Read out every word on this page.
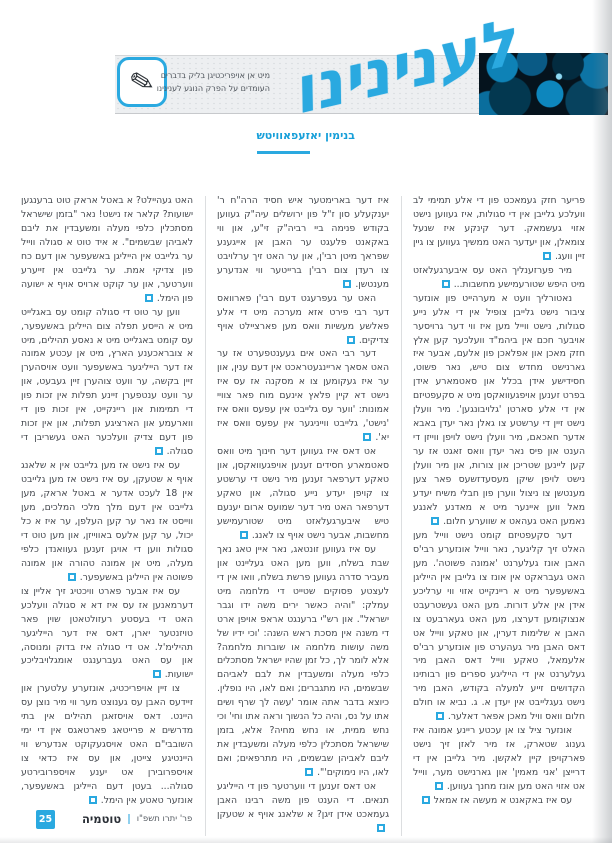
✎ מיט אן אויפריכטיגן בליק בדברים
העומדים על הפרק הנוגע לענינינו לענינינו
בנימין יאזעפאוויטש

פריער חזק געמאכט פון די אלע תמימי לב וועלכע גלייבן אין די סגולות, איז געווען נישט אזוי געשמאק. דער קינקע איז שנעל צומאלן, און יעדער האט ממשיך געווען צו גיין זיין וועג.

מיר פערזענליך האט עס איבערגעלאזט מיט היפש שטורעמישע מחשבות...

נאטורליך וועט א מערהייט פון אונזער ציבור נישט גלייבן צופיל אין די אלע נייע סגולות, נישט ווייל מען איז ווי דער גרויסער אויבער חכם אין ביהמ"ד וועלכער קען אלץ חזק מאכן און אפלאכן פון אלעם, אבער איז גארנישט מחדש צום טיש, נאר פשוט, חסידישע אידן בכלל און סאטמארע אידן בפרט זענען אויפגעוואקסן מיט א סקעפטיזם אין די אלע סארטן 'גלויבונגען'. מיר וועלן נישט זיין די ערשטע צו גאלן נאר יעדן באבא אדער חאכאם, מיר וועלן נישט לויפן ווייזן די הענט און פיס נאר יעדן וואס זאגט אז ער קען ליינען שטריכן און צורות, און מיר וועלן נישט לויפן שיקן מעסעדזשעס פאר צען מענטשן צו ניצול ווערן פון חבלי משיח יעדע מאל ווען איינער מיט א מאדנע לאנגע נאמען האט געהאט א שווערע חלום.

דער סקעפטיזם קומט נישט ווייל מען האלט זיך קליגער, נאר ווייל אונזערע רבי'ס האבן אונז געלערנט 'אמונה פשוטה'. מען האט געבראקט אין אונז צו גלייבן אין הייליגן באשעפער מיט א ריינקייט אזוי ווי ערליכע אידן אין אלע דורות. מען האט געשטרעבט אנצוקומען דערצו, מען האט געארבעט צו האבן א שלימות דערין, און טאקע ווייל אט דאס האבן מיר געהערט פון אונזערע רבי'ס אלעמאל, טאקע ווייל דאס האבן מיר געלערנט אין די הייליגע ספרים פון רבותינו הקדושים זייע למעלה בקודש, האבן מיר נישט געגלייבט אין יעדן א. ג. נביא או חולם חלום וואס וויל מאכן אפאר דאלער.

אונזער ציל צו אן עכטע ריינע אמונה איז גענוג שטארק, אז מיר לאזן זיך נישט פארקויפן קיין לאקשן. מיר גלייבן אין די דרייצן 'אני מאמין' און גארנישט מער, ווייל אט אזוי האט מען אונז מחנך געווען.

עס איז באקאנט א מעשה אז אמאל

איז דער בארימטער איש חסיד הרה"ח ר' יענקעלע סון ז"ל פון ירושלים עיה"ק געווען בקודש פנימה ביי רביה"ק זי"ע, און ווי באקאנט פלעגט ער האבן אן אייגענע שפראך מיטן רבי'ן, און ער האט זיך ערלויבט צו רעדן צום רבי'ן ברייטער ווי אנדערע מענטשן.

האט ער געפרעגט דעם רבי'ן פארוואס דער רבי פירט אזא מערכה מיט די אלע פאלשע מעשיות וואס מען פארציילט אויף צדיקים.

דער רבי האט אים געענטפערט אז ער האט אסאך אריינגעטראכט אין דעם ענין, און ער איז געקומען צו א מסקנה אז עס איז נישט דא קיין פלאץ אינעם מוח פאר צוויי אמונות: 'ווער עס גלייבט אין עפעס וואס איז 'נישט', גלייבט ווייניגער אין עפעס וואס איז יא'.

אט דאס איז געווען דער חינוך מיט וואס סאטמארע חסידים זענען אויפגעוואקסן, און טאקע דערפאר זענען מיר נישט די ערשטע צו קויפן יעדע נייע סגולה, און טאקע דערפאר האט מיר דער שמועס ארום יענעם טיש איבערגעלאזט מיט שטורעמישע מחשבות, אבער נישט אויף צו לאנג.

עס איז געווען זונטאג, נאר איין טאג נאך שבת בשלח, ווען מען האט געליינט און מעביר סדרה געווען פרשת בשלח, וואו אין די לעצטע פסוקים שטייט די מלחמה מיט עמלק: "והיה כאשר ירים משה ידו וגבר ישראל". און רש"י ברענגט אראפ אויפן ארט די משנה אין מסכת ראש השנה: 'וכי ידיו של משה עושות מלחמה או שוברות מלחמה? אלא לומר לך, כל זמן שהיו ישראל מסתכלים כלפי מעלה ומשעבדין את לבם לאביהם שבשמים, היו מתגברים; ואם לאו, היו נופלין. כיוצא בדבר אתה אומר 'עשה לך שרף ושים אתו על נס, והיה כל הנשוך וראה אתו וחי' וכי נחש ממית, או נחש מחיה? אלא, בזמן שישראל מסתכלין כלפי מעלה ומשעבדין את ליבם לאביהן שבשמים, היו מתרפאים; ואם לאו, היו נימוקים'".

אט דאס זענען די ווערטער פון די הייליגע תנאים. די הענט פון משה רבינו האבן געמאכט אידן זיגן? א שלאנג אויף א שטעקן

האט געהיילט? א באטל אראק טוט ברענגען ישועות? קלאר אז נישט! נאר "בזמן שישראל מסתכלין כלפי מעלה ומשעבדין את ליבם לאביהן שבשמים". א איד טוט א סגולה ווייל ער גלייבט אין הייליגן באשעפער און דעם כח פון צדיקי אמת. ער גלייבט אין זייערע ווערטער, און ער קוקט ארויס אויף א ישועה פון הימל.

ווען ער טוט די סגולה קומט עס באגלייט מיט א הייסע תפלה צום הייליגן באשעפער, עס קומט באגלייט מיט א נאסע תהילים, מיט א צובראכענע הארץ, מיט אן עכטע אמונה אז דער הייליגער באשעפער וועט אויסהערן זיין בקשה, ער וועט צוהערן זיין געבעט, און ער וועט ענטפערן זיינע תפלות אין זכות פון די תמימות און ריינקייט, אין זכות פון די ווארעמע און הארציגע תפלות, און אין זכות פון דעם צדיק וועלכער האט געשריבן די סגולה.

עס איז נישט אז מען גלייבט אין א שלאנג אויף א שטעקן, עס איז נישט אז מען גלייבט אין 18 לעכט אדער א באטל אראק, מען גלייבט אין דעם מלך מלכי המלכים, מען ווייסט אז נאר ער קען העלפן, ער איז א כל יכול, ער קען אלעס באווייזן, און מען טוט די סגולות ווען די אויגן זענען געוואנדן כלפי מעלה, מיט אן אמונה טהורה און אמונה פשוטה אין הייליגן באשעפער.

עס איז אבער פארט וויכטיג זיך אליין צו דערמאנען אז עס איז דא א סגולה וועלכע האט די בעסטע רעזולטאטן שוין פאר טויזנטער יארן, דאס איז דער הייליגער תהילימ'ל. אט די סגולה איז בדוק ומנוסה, און עס האט געברענגט אומגלויבליכע ישועות.

צו זיין אויפריכטיג, אונזערע עלטערן און זיידעס האבן עס גענוצט מער ווי מיר נוצן עס היינט. דאס אויסזאגן תהילים אין בתי מדרשים א פרייטאג פארטאגס אין די ימי השובבי"ם האט אויסגעקוקט אנדערש ווי היינטיגע צייטן, און עס איז כדאי צו אויספרובירן אט יענע אויספרובירטע סגולה... בעטן דעם הייליגן באשעפער, אונזער טאטע אין הימל.

25	טוטמיה פר' יתרו תשפ"ו
